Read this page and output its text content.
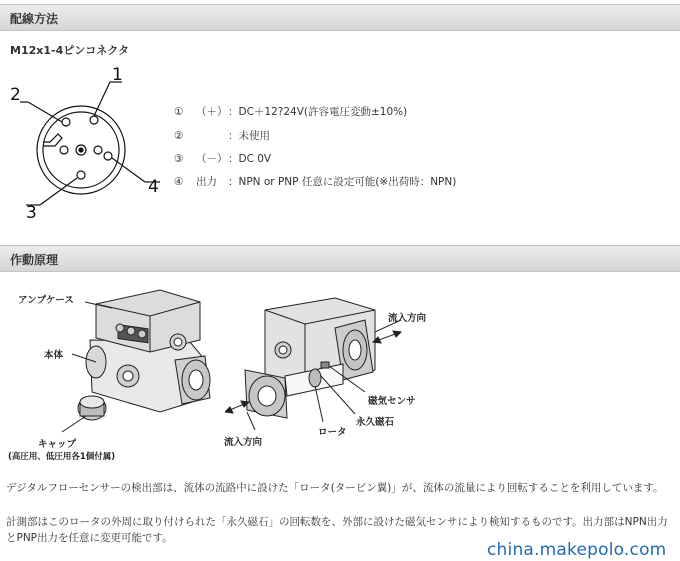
配線方法
M12x1-4ピンコネクタ
1
2
3
4
① （＋）：DC＋12?24V(許容電圧変動±10%)
②	：未使用
③ （－）：DC 0V
④ 出力 ：NPN or PNP 任意に設定可能(※出荷時：NPN)
作動原理
アンプケース
本体
キャップ
(高圧用、低圧用各1個付属)
流入方向
磁気センサ
永久磁石
ロータ
流入方向
デジタルフローセンサーの検出部は、流体の流路中に設けた「ロータ(タービン翼)」が、流体の流量により回転することを利用しています。
計測部はこのロータの外周に取り付けられた「永久磁石」の回転数を、外部に設けた磁気センサにより検知するものです。出力部はNPN出力とPNP出力を任意に変更可能です。
china.makepolo.com
